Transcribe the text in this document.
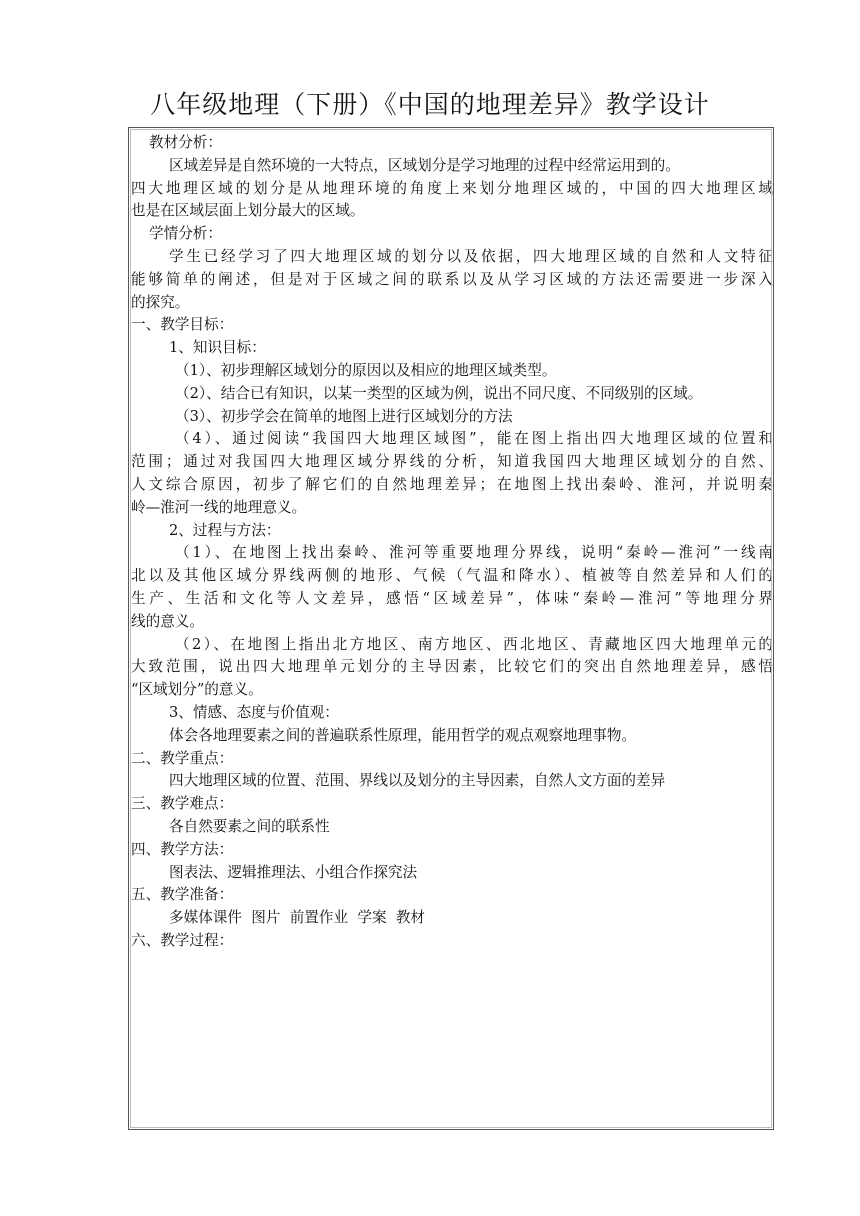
八年级地理（下册）《中国的地理差异》教学设计
教材分析：
区域差异是自然环境的一大特点，区域划分是学习地理的过程中经常运用到的。
四大地理区域的划分是从地理环境的角度上来划分地理区域的，中国的四大地理区域
也是在区域层面上划分最大的区域。
学情分析：
学生已经学习了四大地理区域的划分以及依据，四大地理区域的自然和人文特征
能够简单的阐述，但是对于区域之间的联系以及从学习区域的方法还需要进一步深入
的探究。
一、教学目标：
1、知识目标：
（1）、初步理解区域划分的原因以及相应的地理区域类型。
（2）、结合已有知识，以某一类型的区域为例，说出不同尺度、不同级别的区域。
（3）、初步学会在简单的地图上进行区域划分的方法
（4）、通过阅读“我国四大地理区域图”，能在图上指出四大地理区域的位置和
范围；通过对我国四大地理区域分界线的分析，知道我国四大地理区域划分的自然、
人文综合原因，初步了解它们的自然地理差异；在地图上找出秦岭、淮河，并说明秦
岭—淮河一线的地理意义。
2、过程与方法：
（1）、在地图上找出秦岭、淮河等重要地理分界线，说明“秦岭—淮河”一线南
北以及其他区域分界线两侧的地形、气候（气温和降水）、植被等自然差异和人们的
生产、生活和文化等人文差异，感悟“区域差异”，体味“秦岭—淮河”等地理分界
线的意义。
（2）、在地图上指出北方地区、南方地区、西北地区、青藏地区四大地理单元的
大致范围，说出四大地理单元划分的主导因素，比较它们的突出自然地理差异，感悟
“区域划分”的意义。
3、情感、态度与价值观：
体会各地理要素之间的普遍联系性原理，能用哲学的观点观察地理事物。
二、教学重点：
四大地理区域的位置、范围、界线以及划分的主导因素，自然人文方面的差异
三、教学难点：
各自然要素之间的联系性
四、教学方法：
图表法、逻辑推理法、小组合作探究法
五、教学准备：
多媒体课件  图片  前置作业  学案  教材
六、教学过程：
